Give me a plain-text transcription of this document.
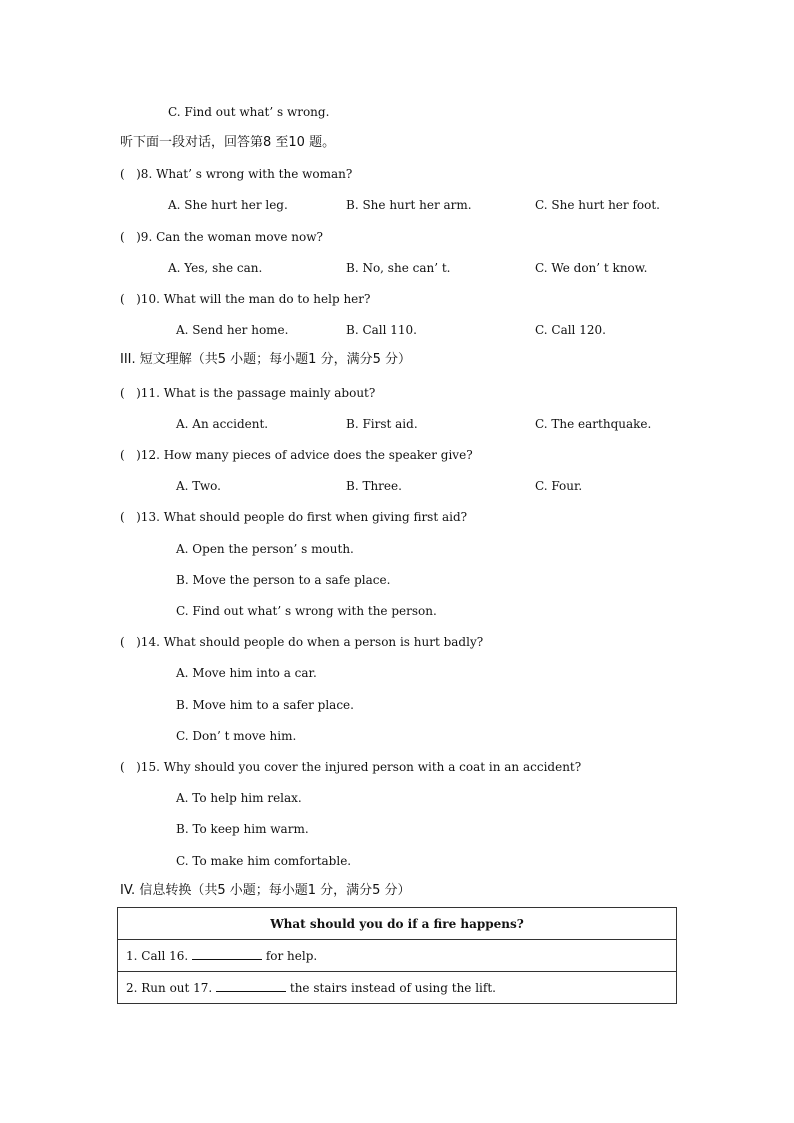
C. Find out what’ s wrong.
听下面一段对话，回答第8 至10 题。
(   )8. What’ s wrong with the woman?
A. She hurt her leg.	B. She hurt her arm.	C. She hurt her foot.
(   )9. Can the woman move now?
A. Yes, she can.	B. No, she can’ t.	C. We don’ t know.
(   )10. What will the man do to help her?
A. Send her home.	B. Call 110.	C. Call 120.
III. 短文理解（共5 小题；每小题1 分，满分5 分）
(   )11. What is the passage mainly about?
A. An accident.	B. First aid.	C. The earthquake.
(   )12. How many pieces of advice does the speaker give?
A. Two.	B. Three.	C. Four.
(   )13. What should people do first when giving first aid?
A. Open the person’ s mouth.
B. Move the person to a safe place.
C. Find out what’ s wrong with the person.
(   )14. What should people do when a person is hurt badly?
A. Move him into a car.
B. Move him to a safer place.
C. Don’ t move him.
(   )15. Why should you cover the injured person with a coat in an accident?
A. To help him relax.
B. To keep him warm.
C. To make him comfortable.
IV. 信息转换（共5 小题；每小题1 分，满分5 分）
What should you do if a fire happens?
1. Call 16.	for help.
2. Run out 17.	the stairs instead of using the lift.
